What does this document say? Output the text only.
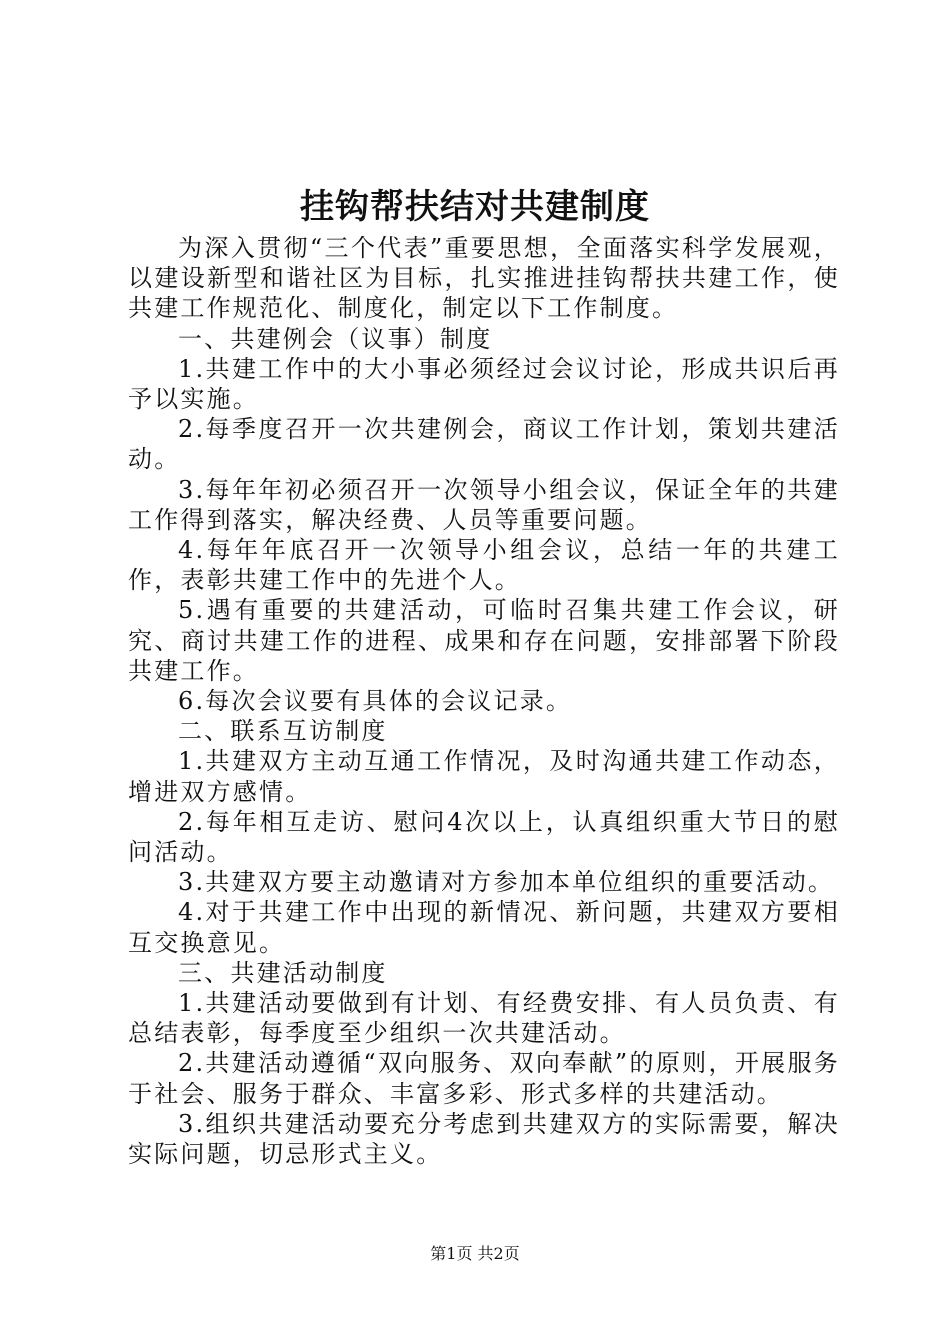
挂钩帮扶结对共建制度

为深入贯彻“三个代表”重要思想，全面落实科学发展观，以建设新型和谐社区为目标，扎实推进挂钩帮扶共建工作，使共建工作规范化、制度化，制定以下工作制度。

一、共建例会（议事）制度

1.共建工作中的大小事必须经过会议讨论，形成共识后再予以实施。

2.每季度召开一次共建例会，商议工作计划，策划共建活动。

3.每年年初必须召开一次领导小组会议，保证全年的共建工作得到落实，解决经费、人员等重要问题。

4.每年年底召开一次领导小组会议，总结一年的共建工作，表彰共建工作中的先进个人。

5.遇有重要的共建活动，可临时召集共建工作会议，研究、商讨共建工作的进程、成果和存在问题，安排部署下阶段共建工作。

6.每次会议要有具体的会议记录。

二、联系互访制度

1.共建双方主动互通工作情况，及时沟通共建工作动态，增进双方感情。

2.每年相互走访、慰问4次以上，认真组织重大节日的慰问活动。

3.共建双方要主动邀请对方参加本单位组织的重要活动。

4.对于共建工作中出现的新情况、新问题，共建双方要相互交换意见。

三、共建活动制度

1.共建活动要做到有计划、有经费安排、有人员负责、有总结表彰，每季度至少组织一次共建活动。

2.共建活动遵循“双向服务、双向奉献”的原则，开展服务于社会、服务于群众、丰富多彩、形式多样的共建活动。

3.组织共建活动要充分考虑到共建双方的实际需要，解决实际问题，切忌形式主义。

第1页 共2页
